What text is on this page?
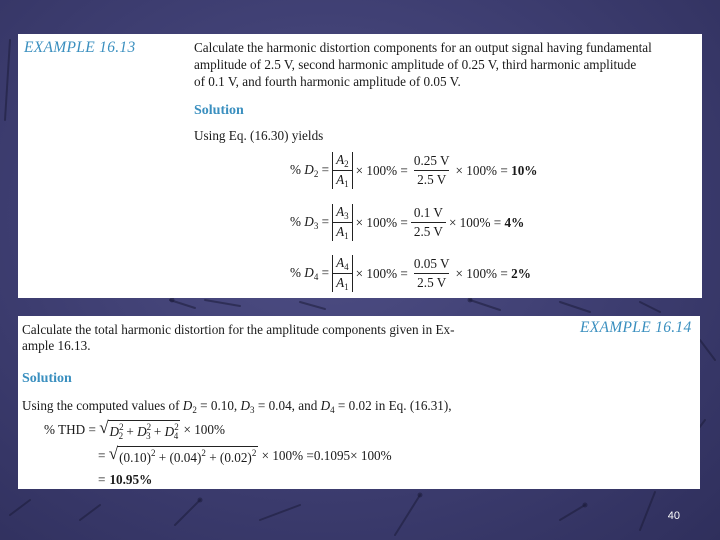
EXAMPLE 16.13	Calculate the harmonic distortion components for an output signal having fundamental
amplitude of 2.5 V, second harmonic amplitude of 0.25 V, third harmonic amplitude
of 0.1 V, and fourth harmonic amplitude of 0.05 V.
Solution
Using Eq. (16.30) yields
% $D_2 = \frac{A_2}{A_1} \times 100\% = \frac{0.25 V}{2.5 V} \times 100\% = 10\%$
% $D_3 = \frac{A_3}{A_1} \times 100\% = \frac{0.1 V}{2.5 V} \times 100\% = 4\%$
% $D_4 = \frac{A_4}{A_1} \times 100\% = \frac{0.05 V}{2.5 V} \times 100\% = 2\%$
Calculate the total harmonic distortion for the amplitude components given in Ex-
ample 16.13.
EXAMPLE 16.14
Solution
Using the computed values of $D_2 = 0.10$, $D_3 = 0.04$, and $D_4 = 0.02$ in Eq. (16.31),
% THD = √ $D^2_2 + D^2_3 + D^2_4 \times 100\%$
= √ $(0.10)^2 + (0.04)^2 + (0.02)^2 \times 100\% = 0.1095 \times 100\%$
= 10.95%
40
